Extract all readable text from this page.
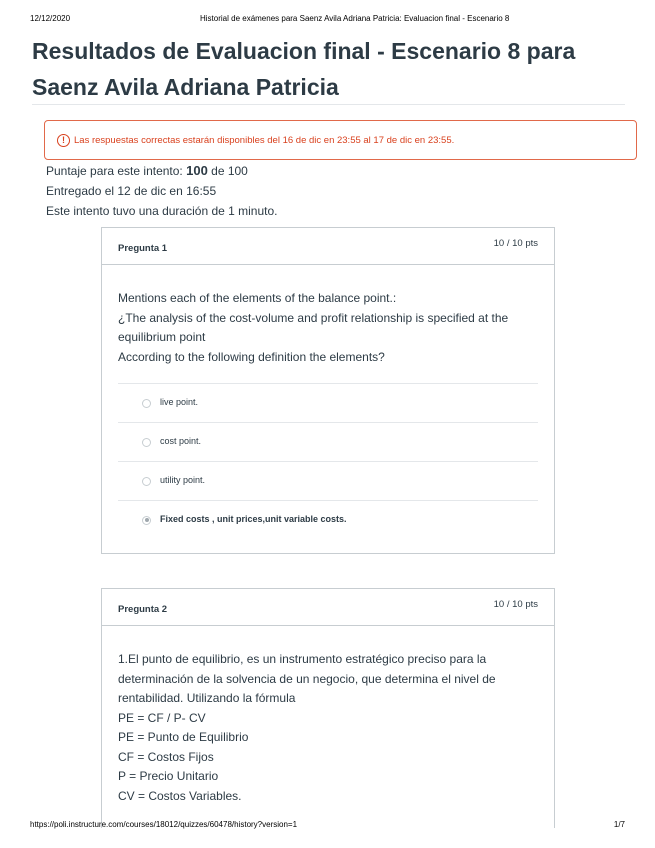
12/12/2020	Historial de exámenes para Saenz Avila Adriana Patricia: Evaluacion final - Escenario 8
Resultados de Evaluacion final - Escenario 8 para Saenz Avila Adriana Patricia
! Las respuestas correctas estarán disponibles del 16 de dic en 23:55 al 17 de dic en 23:55.
Puntaje para este intento: 100 de 100
Entregado el 12 de dic en 16:55
Este intento tuvo una duración de 1 minuto.
Pregunta 1	10 / 10 pts

Mentions each of the elements of the balance point.:

¿The analysis of the cost-volume and profit relationship is specified at the equilibrium point

According to the following definition the elements?

live point.
cost point.
utility point.
Fixed costs , unit prices,unit variable costs.
Pregunta 2	10 / 10 pts

1.El punto de equilibrio, es un instrumento estratégico preciso para la determinación de la solvencia de un negocio, que determina el nivel de rentabilidad. Utilizando la fórmula

PE = CF / P- CV

PE = Punto de Equilibrio

CF = Costos Fijos

P = Precio Unitario

CV = Costos Variables.

https://poli.instructure.com/courses/18012/quizzes/60478/history?version=1	1/7
